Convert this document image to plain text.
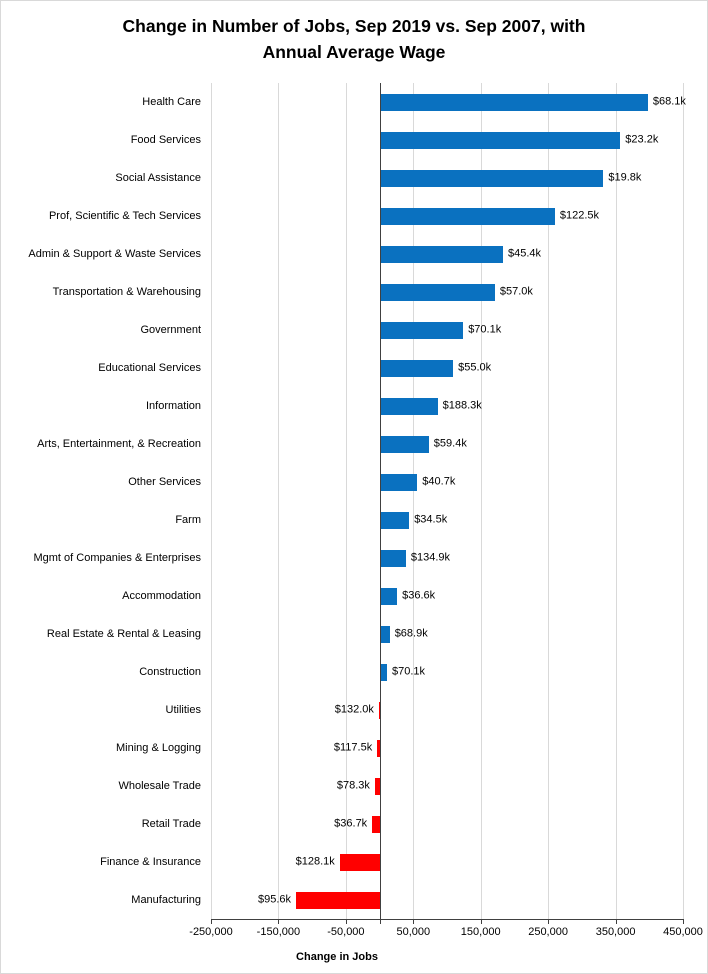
Change in Number of Jobs, Sep 2019 vs. Sep 2007, with
Annual Average Wage
-250,000	-150,000	-50,000	50,000	150,000	250,000	350,000	450,000
Health Care	$68.1k
Food Services	$23.2k
Social Assistance	$19.8k
Prof, Scientific & Tech Services	$122.5k
Admin & Support & Waste Services	$45.4k
Transportation & Warehousing	$57.0k
Government	$70.1k
Educational Services	$55.0k
Information	$188.3k
Arts, Entertainment, & Recreation	$59.4k
Other Services	$40.7k
Farm	$34.5k
Mgmt of Companies & Enterprises	$134.9k
Accommodation	$36.6k
Real Estate & Rental & Leasing	$68.9k
Construction	$70.1k
Utilities	$132.0k
Mining & Logging	$117.5k
Wholesale Trade	$78.3k
Retail Trade	$36.7k
Finance & Insurance	$128.1k
Manufacturing	$95.6k
Change in Jobs
